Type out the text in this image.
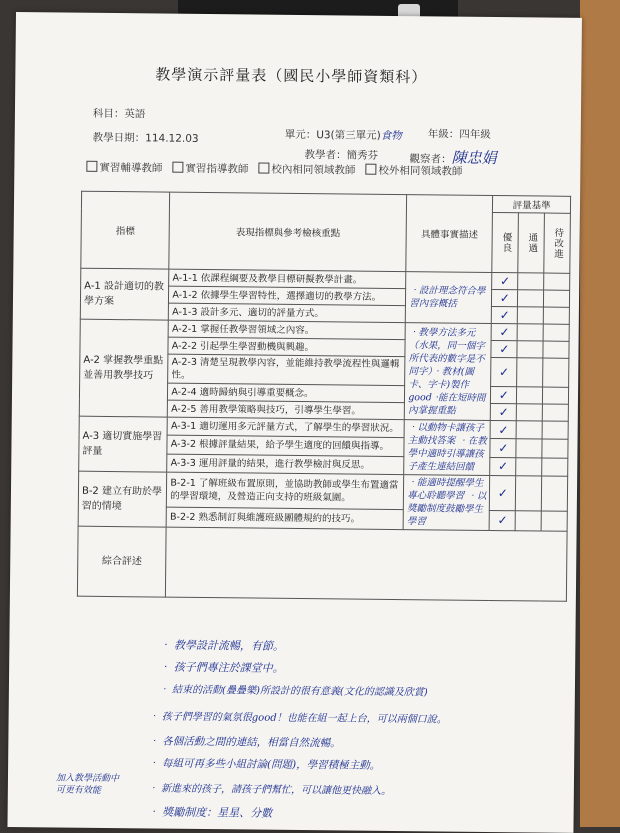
教學演示評量表（國民小學師資類科）
科目：英語
教學日期：114.12.03	單元：U3(第三單元)食物 年級：四年級
教學者：簡秀芬	觀察者：陳忠娟
實習輔導教師 實習指導教師 校內相同領域教師 校外相同領域教師
指標	表現指標與參考檢核重點	具體事實描述	評量基準		
			優良	通過	待改進
A-1 設計適切的教學方案	A-1-1 依課程綱要及教學目標研擬教學計畫。	‧設計理念符合學習內容概括	✓		
	A-1-2 依據學生學習特性，選擇適切的教學方法。		✓		
	A-1-3 設計多元、適切的評量方式。		✓		
A-2 掌握教學重點並善用教學技巧	A-2-1 掌握任教學習領域之內容。	‧教學方法多元（水果，同一個字所代表的數字是不同字）‧教材(圖卡、字卡)製作good ‧能在短時間內掌握重點	✓		
	A-2-2 引起學生學習動機與興趣。		✓		
	A-2-3 清楚呈現教學內容，並能維持教學流程性與邏輯性。		✓		
	A-2-4 適時歸納與引導重要概念。		✓		
	A-2-5 善用教學策略與技巧，引導學生學習。		✓		
A-3 適切實施學習評量	A-3-1 適切運用多元評量方式，了解學生的學習狀況。	‧以動物卡讓孩子主動找答案 ‧在教學中適時引導讓孩子產生連結回饋	✓		
	A-3-2 根據評量結果，給予學生適度的回饋與指導。		✓		
	A-3-3 運用評量的結果，進行教學檢討與反思。		✓		
B-2 建立有助於學習的情境	B-2-1 了解班級布置原則，並協助教師或學生布置適當的學習環境，及營造正向支持的班級氣圍。	‧能適時提醒學生專心聆聽學習 ‧以獎勵制度鼓勵學生學習	✓		
	B-2-2 熟悉制訂與維護班級團體規約的技巧。		✓		
綜合評述					
‧ 教學設計流暢，有節。
‧ 孩子們專注於課堂中。
‧ 結束的活動(疊疊樂)所設計的很有意義(文化的認識及欣賞)
‧ 孩子們學習的氣氛很good！也能在組一起上台，可以兩個口說。
‧ 各個活動之間的連結，相當自然流暢。
‧ 每組可再多些小組討論(問題)，學習積極主動。
‧ 新進來的孩子，請孩子們幫忙，可以讓他更快融入。
‧ 獎勵制度：星星、分數
加入教學活動中可更有效能
